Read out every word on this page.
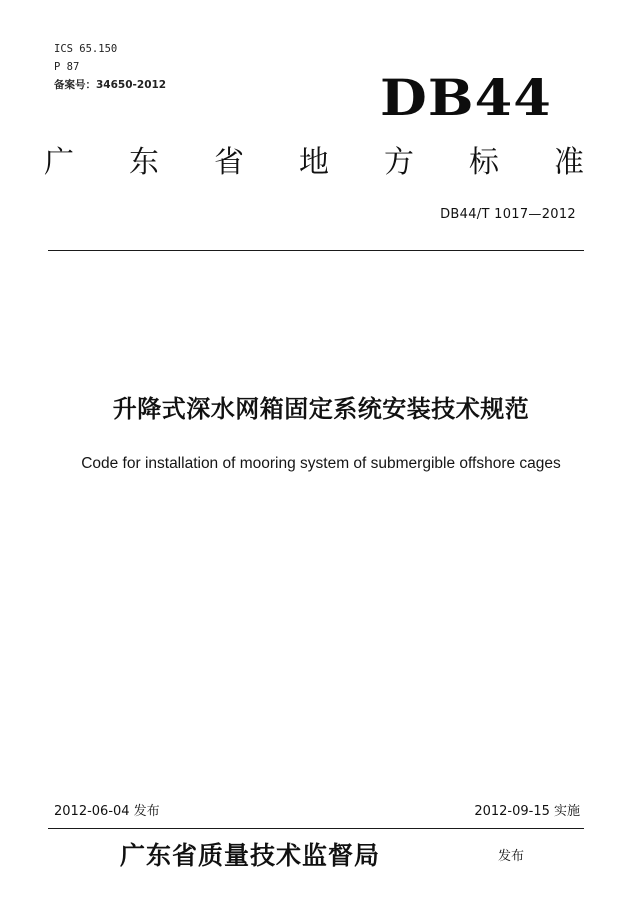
ICS 65.150
P 87
备案号：34650-2012	DB44
广 东 省 地 方 标 准
DB44/T 1017—2012
升降式深水网箱固定系统安装技术规范
Code for installation of mooring system of submergible offshore cages
2012-06-04 发布	2012-09-15 实施
广东省质量技术监督局	发布
